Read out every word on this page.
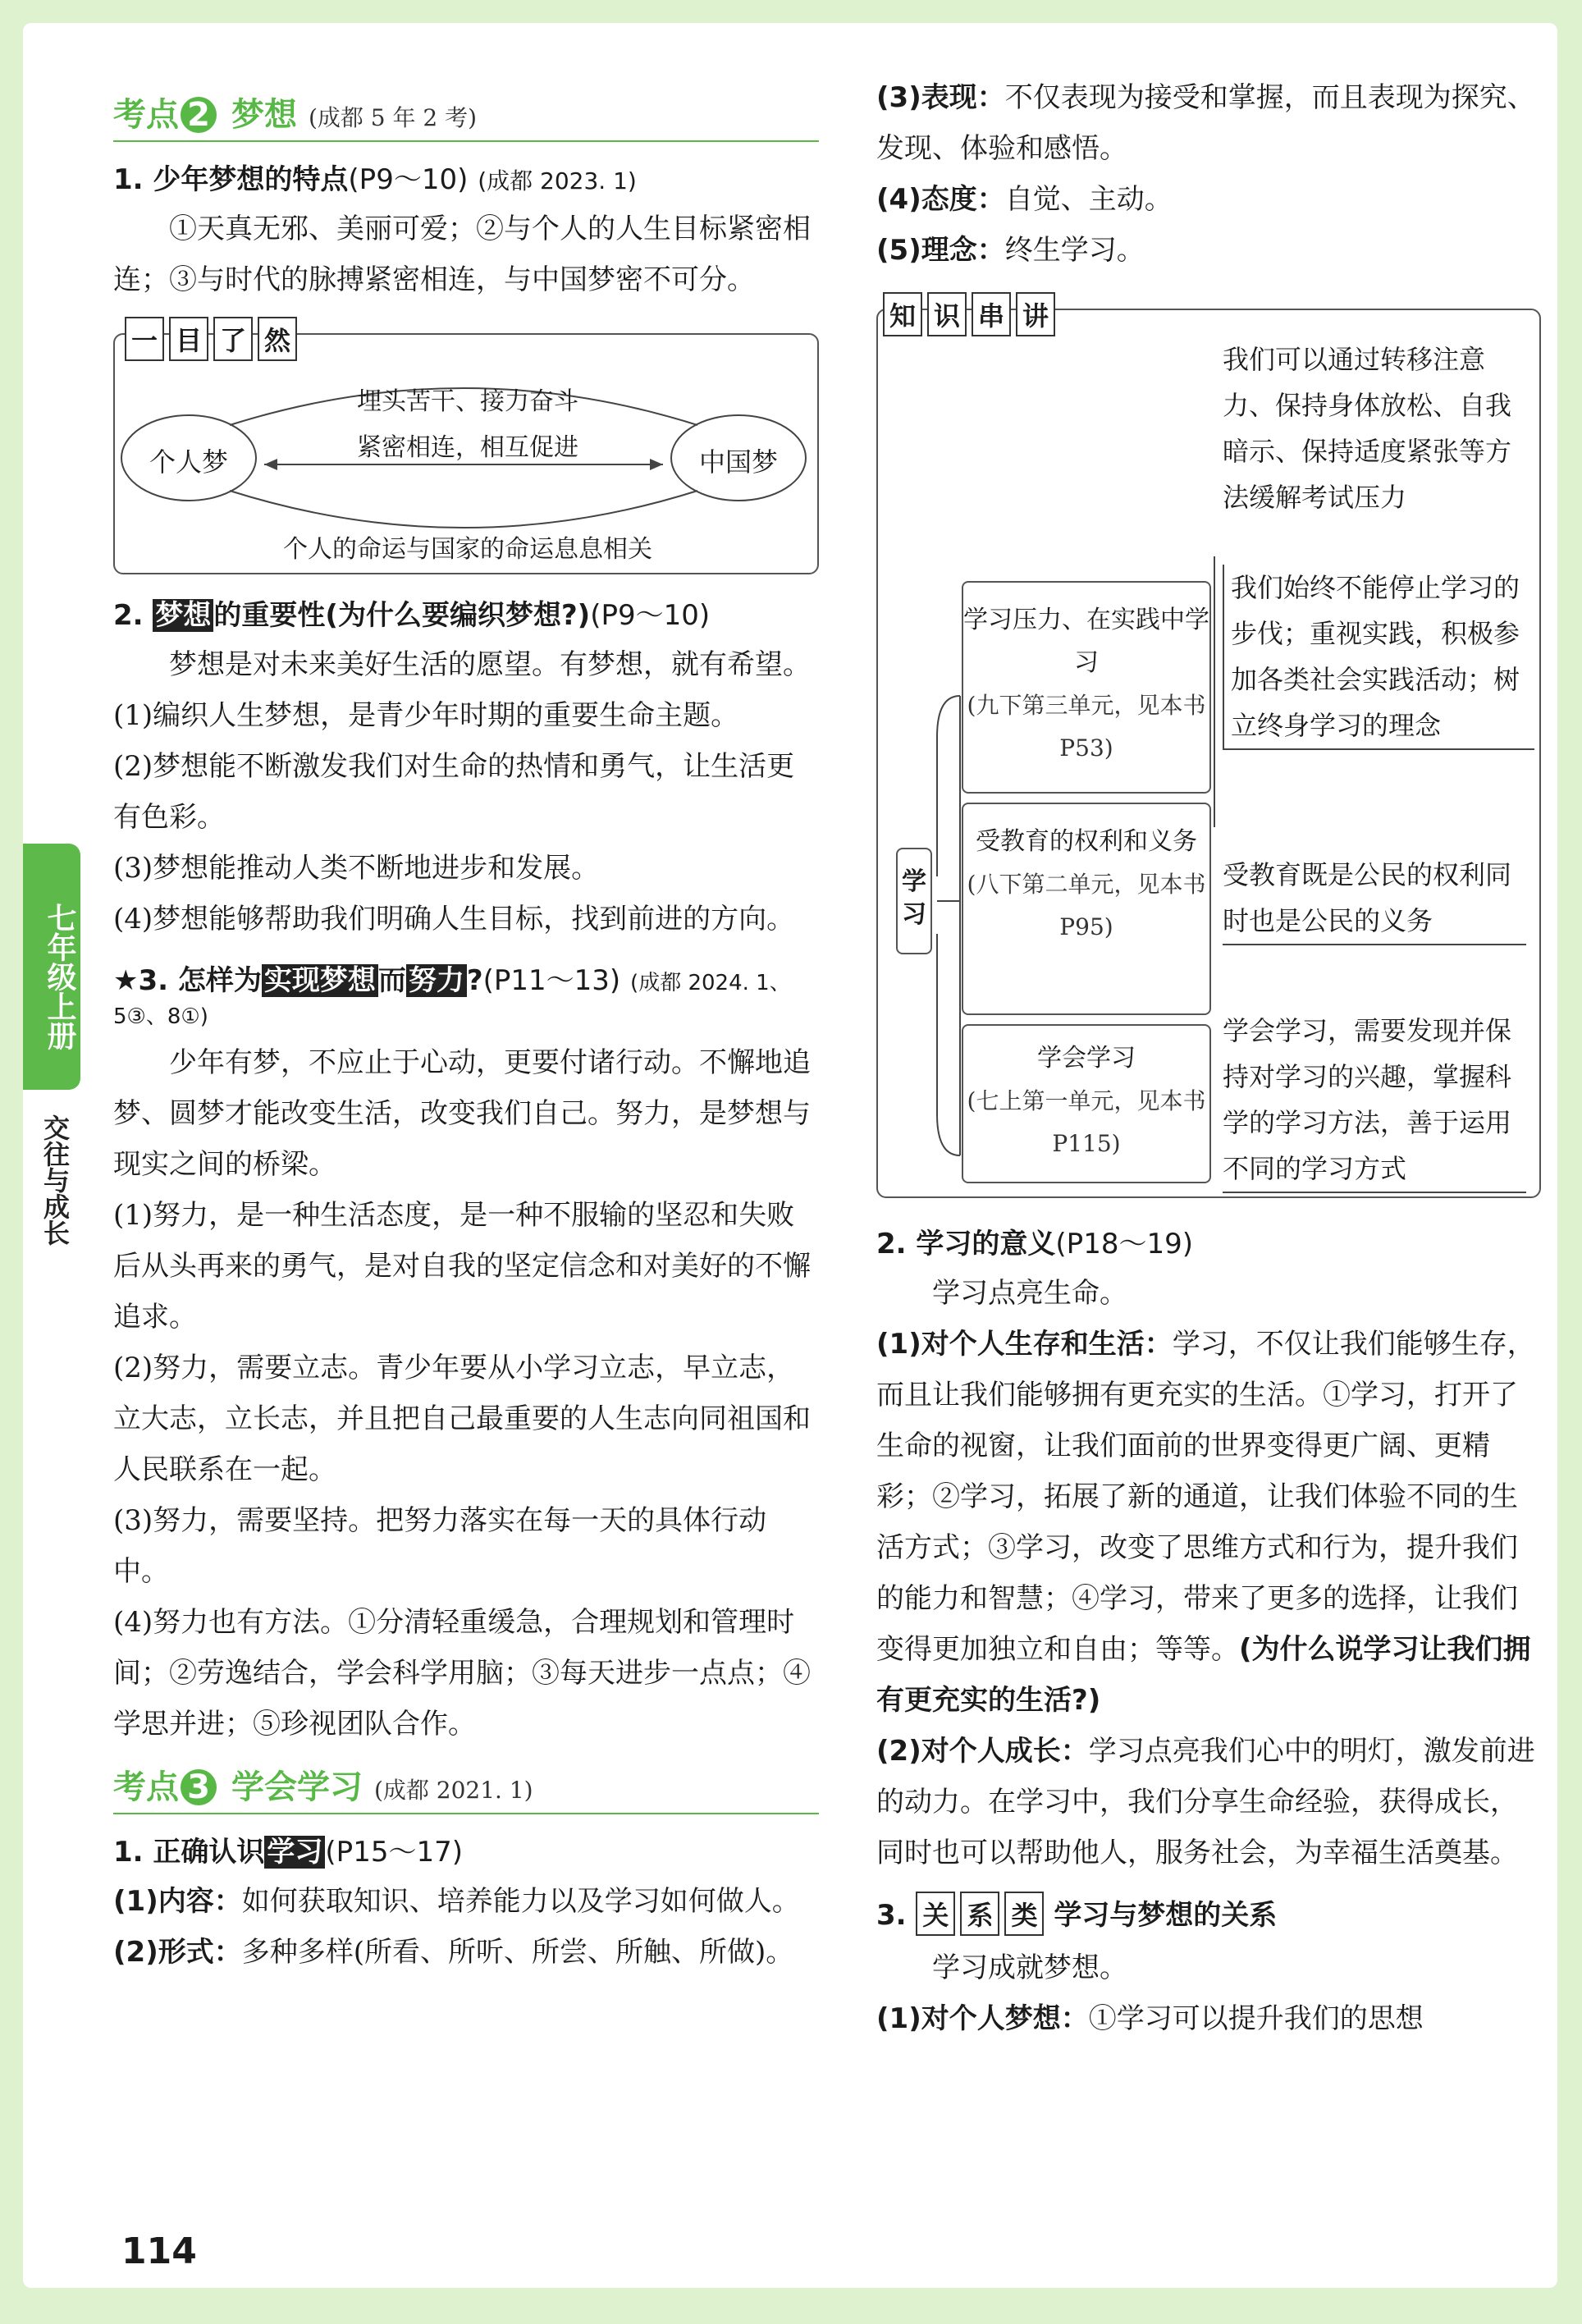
七年级上册
交往与成长
考点 2 梦想 (成都 5 年 2 考)
1. 少年梦想的特点(P9～10) (成都 2023. 1)
①天真无邪、美丽可爱；②与个人的人生目标紧密相连；③与时代的脉搏紧密相连，与中国梦密不可分。
一 目 了 然
埋头苦干、接力奋斗
紧密相连，相互促进
个人的命运与国家的命运息息相关
个人梦	中国梦
2. 梦想的重要性(为什么要编织梦想?)(P9～10)
梦想是对未来美好生活的愿望。有梦想，就有希望。
(1)编织人生梦想，是青少年时期的重要生命主题。
(2)梦想能不断激发我们对生命的热情和勇气，让生活更有色彩。
(3)梦想能推动人类不断地进步和发展。
(4)梦想能够帮助我们明确人生目标，找到前进的方向。
★3. 怎样为实现梦想而努力?(P11～13) (成都 2024. 1、5③、8①)
少年有梦，不应止于心动，更要付诸行动。不懈地追梦、圆梦才能改变生活，改变我们自己。努力，是梦想与现实之间的桥梁。
(1)努力，是一种生活态度，是一种不服输的坚忍和失败后从头再来的勇气，是对自我的坚定信念和对美好的不懈追求。
(2)努力，需要立志。青少年要从小学习立志，早立志，立大志，立长志，并且把自己最重要的人生志向同祖国和人民联系在一起。
(3)努力，需要坚持。把努力落实在每一天的具体行动中。
(4)努力也有方法。①分清轻重缓急，合理规划和管理时间；②劳逸结合，学会科学用脑；③每天进步一点点；④学思并进；⑤珍视团队合作。
考点 3 学会学习 (成都 2021. 1)
1. 正确认识学习(P15～17)
(1)内容：如何获取知识、培养能力以及学习如何做人。
(2)形式：多种多样(所看、所听、所尝、所触、所做)。
(3)表现：不仅表现为接受和掌握，而且表现为探究、发现、体验和感悟。
(4)态度：自觉、主动。
(5)理念：终生学习。
知 识 串 讲
学习
我们可以通过转移注意力、保持身体放松、自我暗示、保持适度紧张等方法缓解考试压力
学习压力、在实践中学习
(九下第三单元，见本书P53)
我们始终不能停止学习的步伐；重视实践，积极参加各类社会实践活动；树立终身学习的理念
受教育的权利和义务
(八下第二单元，见本书P95)
受教育既是公民的权利同时也是公民的义务
学会学习
(七上第一单元，见本书P115)
学会学习，需要发现并保持对学习的兴趣，掌握科学的学习方法，善于运用不同的学习方式
2. 学习的意义(P18～19)
学习点亮生命。
(1)对个人生存和生活：学习，不仅让我们能够生存，而且让我们能够拥有更充实的生活。①学习，打开了生命的视窗，让我们面前的世界变得更广阔、更精彩；②学习，拓展了新的通道，让我们体验不同的生活方式；③学习，改变了思维方式和行为，提升我们的能力和智慧；④学习，带来了更多的选择，让我们变得更加独立和自由；等等。(为什么说学习让我们拥有更充实的生活?)
(2)对个人成长：学习点亮我们心中的明灯，激发前进的动力。在学习中，我们分享生命经验，获得成长，同时也可以帮助他人，服务社会，为幸福生活奠基。
3. 关 系 类 学习与梦想的关系
学习成就梦想。
(1)对个人梦想：①学习可以提升我们的思想
114
